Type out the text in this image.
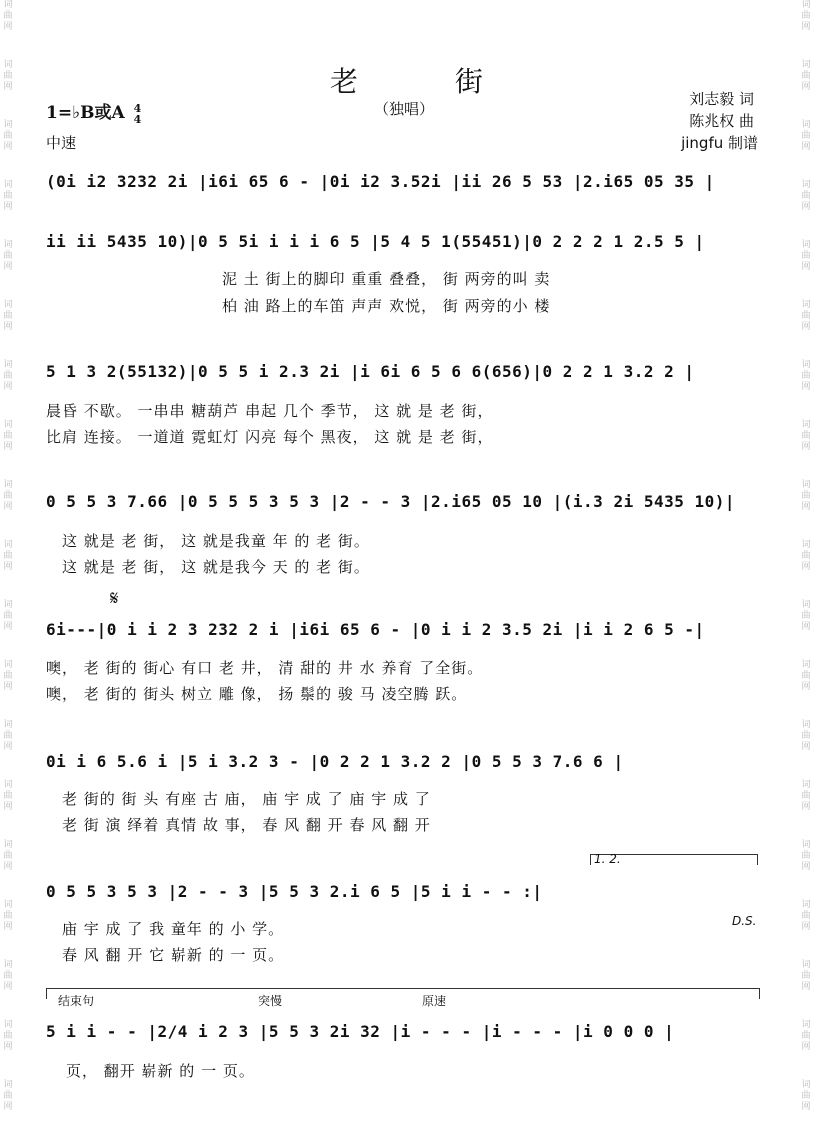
词
曲
网
词
曲
网
词
曲
网
词
曲
网
词
曲
网
词
曲
网
词
曲
网
词
曲
网
词
曲
网
词
曲
网
词
曲
网
词
曲
网
词
曲
网
词
曲
网
词
曲
网
词
曲
网
词
曲
网
词
曲
网
词
曲
网
词
曲
网
词
曲
网
词
曲
网
词
曲
网
词
曲
网
词
曲
网
词
曲
网
词
曲
网
词
曲
网
词
曲
网
词
曲
网
词
曲
网
词
曲
网
词
曲
网
词
曲
网
词
曲
网
词
曲
网
词
曲
网
词
曲
网
老 街
（独唱）
1=♭B或A 4
4
中速
刘志毅 词
陈兆权 曲
jingfu 制谱
(0i i2 3232 2i |i6i 65 6 - |0i i2 3.52i |ii 26 5 53 |2.i65 05 35 |
ii ii 5435 10)|0 5 5i i i i 6 5 |5 4 5 1(55451)|0 2 2 2 1 2.5 5 |
泥 土 街上的脚印 重重 叠叠， 街 两旁的叫 卖
柏 油 路上的车笛 声声 欢悦， 街 两旁的小 楼
5 1 3 2(55132)|0 5 5 i 2.3 2i |i 6i 6 5 6 6(656)|0 2 2 1 3.2 2 |
晨昏 不歇。 一串串 糖葫芦 串起 几个 季节， 这 就 是 老 街，
比肩 连接。 一道道 霓虹灯 闪亮 每个 黑夜， 这 就 是 老 街，
0 5 5 3 7.66 |0 5 5 5 3 5 3 |2 - - 3 |2.i65 05 10 |(i.3 2i 5435 10)|
这 就是 老 街， 这 就是我童 年 的 老 街。
这 就是 老 街， 这 就是我今 天 的 老 街。
𝄋
6i---|0 i i 2 3 232 2 i |i6i 65 6 - |0 i i 2 3.5 2i |i i 2 6 5 -|
噢， 老 街的 街心 有口 老 井， 清 甜的 井 水 养育 了全街。
噢， 老 街的 街头 树立 雕 像， 扬 鬃的 骏 马 凌空腾 跃。
0i i 6 5.6 i |5 i 3.2 3 - |0 2 2 1 3.2 2 |0 5 5 3 7.6 6 |
老 街的 街 头 有座 古 庙， 庙 宇 成 了 庙 宇 成 了
老 街 演 绎着 真情 故 事， 春 风 翻 开 春 风 翻 开
1. 2.
0 5 5 3 5 3 |2 - - 3 |5 5 3 2.i 6 5 |5 i i - - :|
庙 宇 成 了 我 童年 的 小 学。
春 风 翻 开 它 崭新 的 一 页。
D.S.
结束句	突慢	原速
5 i i - - |2/4 i 2 3 |5 5 3 2i 32 |i - - - |i - - - |i 0 0 0 |
页， 翻开 崭新 的 一 页。
